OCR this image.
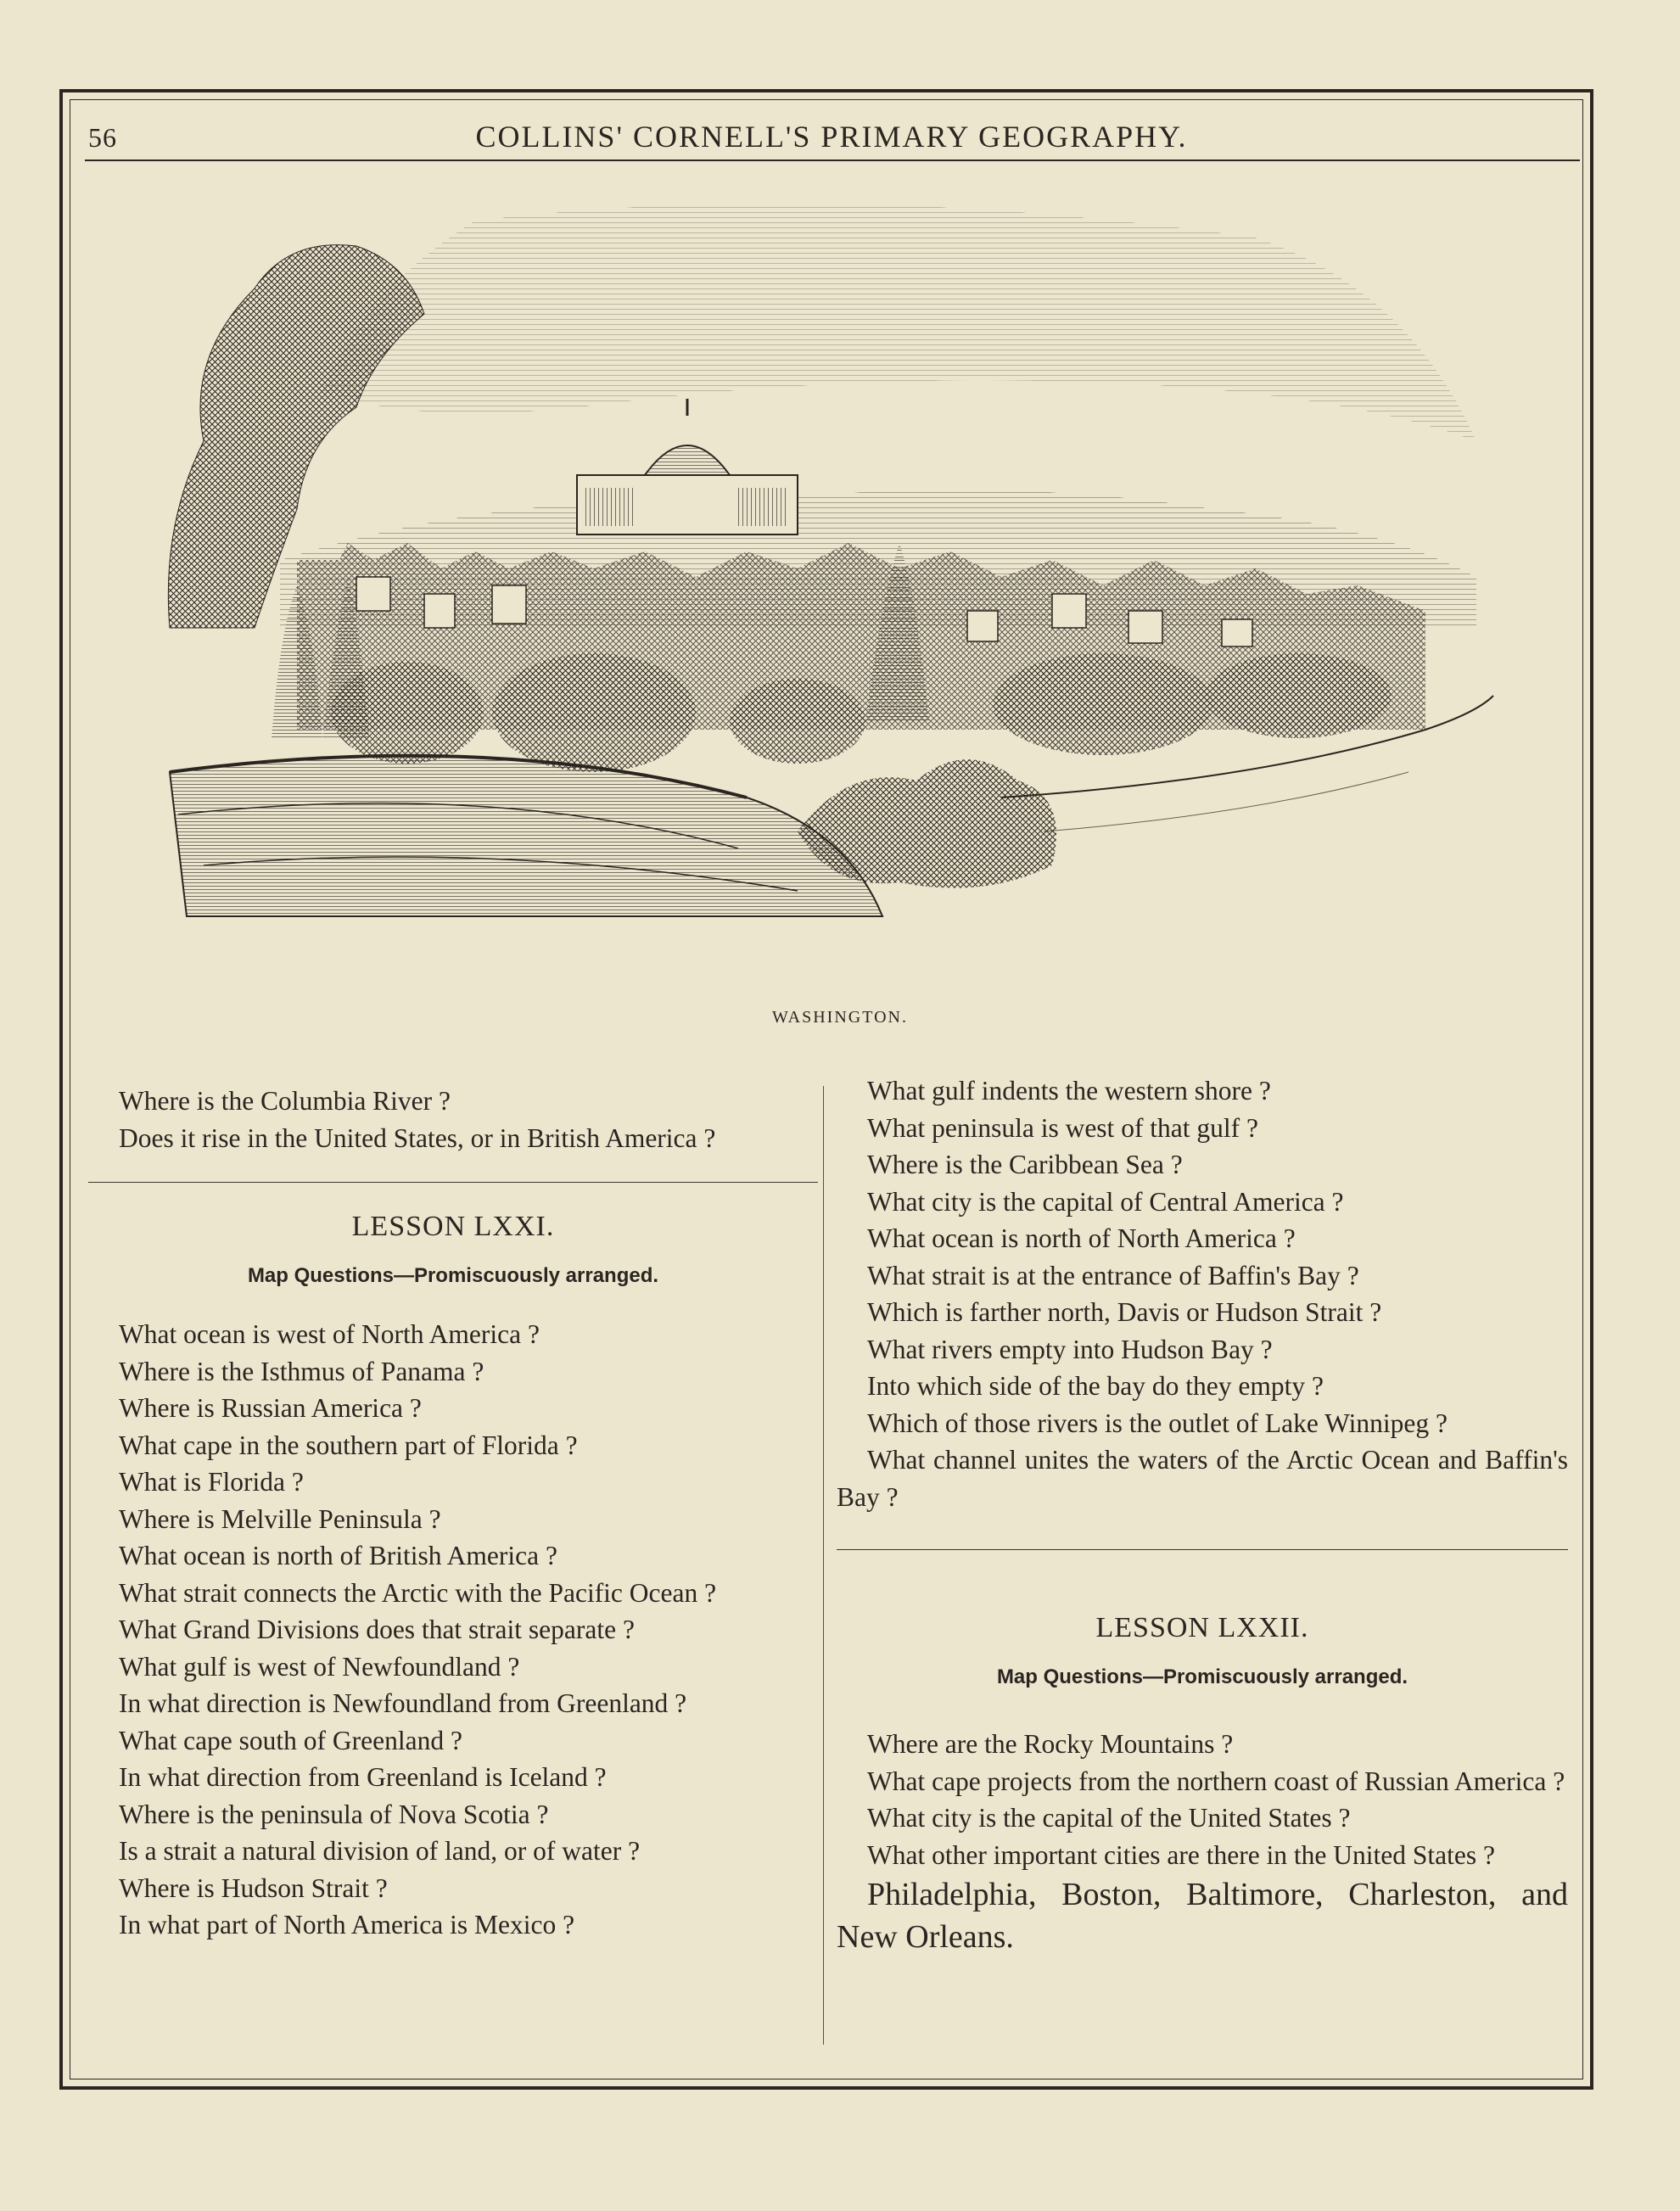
56	COLLINS' CORNELL'S PRIMARY GEOGRAPHY.
WASHINGTON.

Where is the Columbia River ?

Does it rise in the United States, or in British America ?

LESSON LXXI.
Map Questions—Promiscuously arranged.

What ocean is west of North America ?

Where is the Isthmus of Panama ?

Where is Russian America ?

What cape in the southern part of Florida ?

What is Florida ?

Where is Melville Peninsula ?

What ocean is north of British America ?

What strait connects the Arctic with the Pacific Ocean ?

What Grand Divisions does that strait separate ?

What gulf is west of Newfoundland ?

In what direction is Newfoundland from Greenland ?

What cape south of Greenland ?

In what direction from Greenland is Iceland ?

Where is the peninsula of Nova Scotia ?

Is a strait a natural division of land, or of water ?

Where is Hudson Strait ?

In what part of North America is Mexico ?

What gulf indents the western shore ?

What peninsula is west of that gulf ?

Where is the Caribbean Sea ?

What city is the capital of Central America ?

What ocean is north of North America ?

What strait is at the entrance of Baffin's Bay ?

Which is farther north, Davis or Hudson Strait ?

What rivers empty into Hudson Bay ?

Into which side of the bay do they empty ?

Which of those rivers is the outlet of Lake Winnipeg ?

What channel unites the waters of the Arctic Ocean and Baffin's Bay ?

LESSON LXXII.
Map Questions—Promiscuously arranged.

Where are the Rocky Mountains ?

What cape projects from the northern coast of Russian America ?

What city is the capital of the United States ?

What other important cities are there in the United States ?

Philadelphia, Boston, Baltimore, Charleston, and New Orleans.
